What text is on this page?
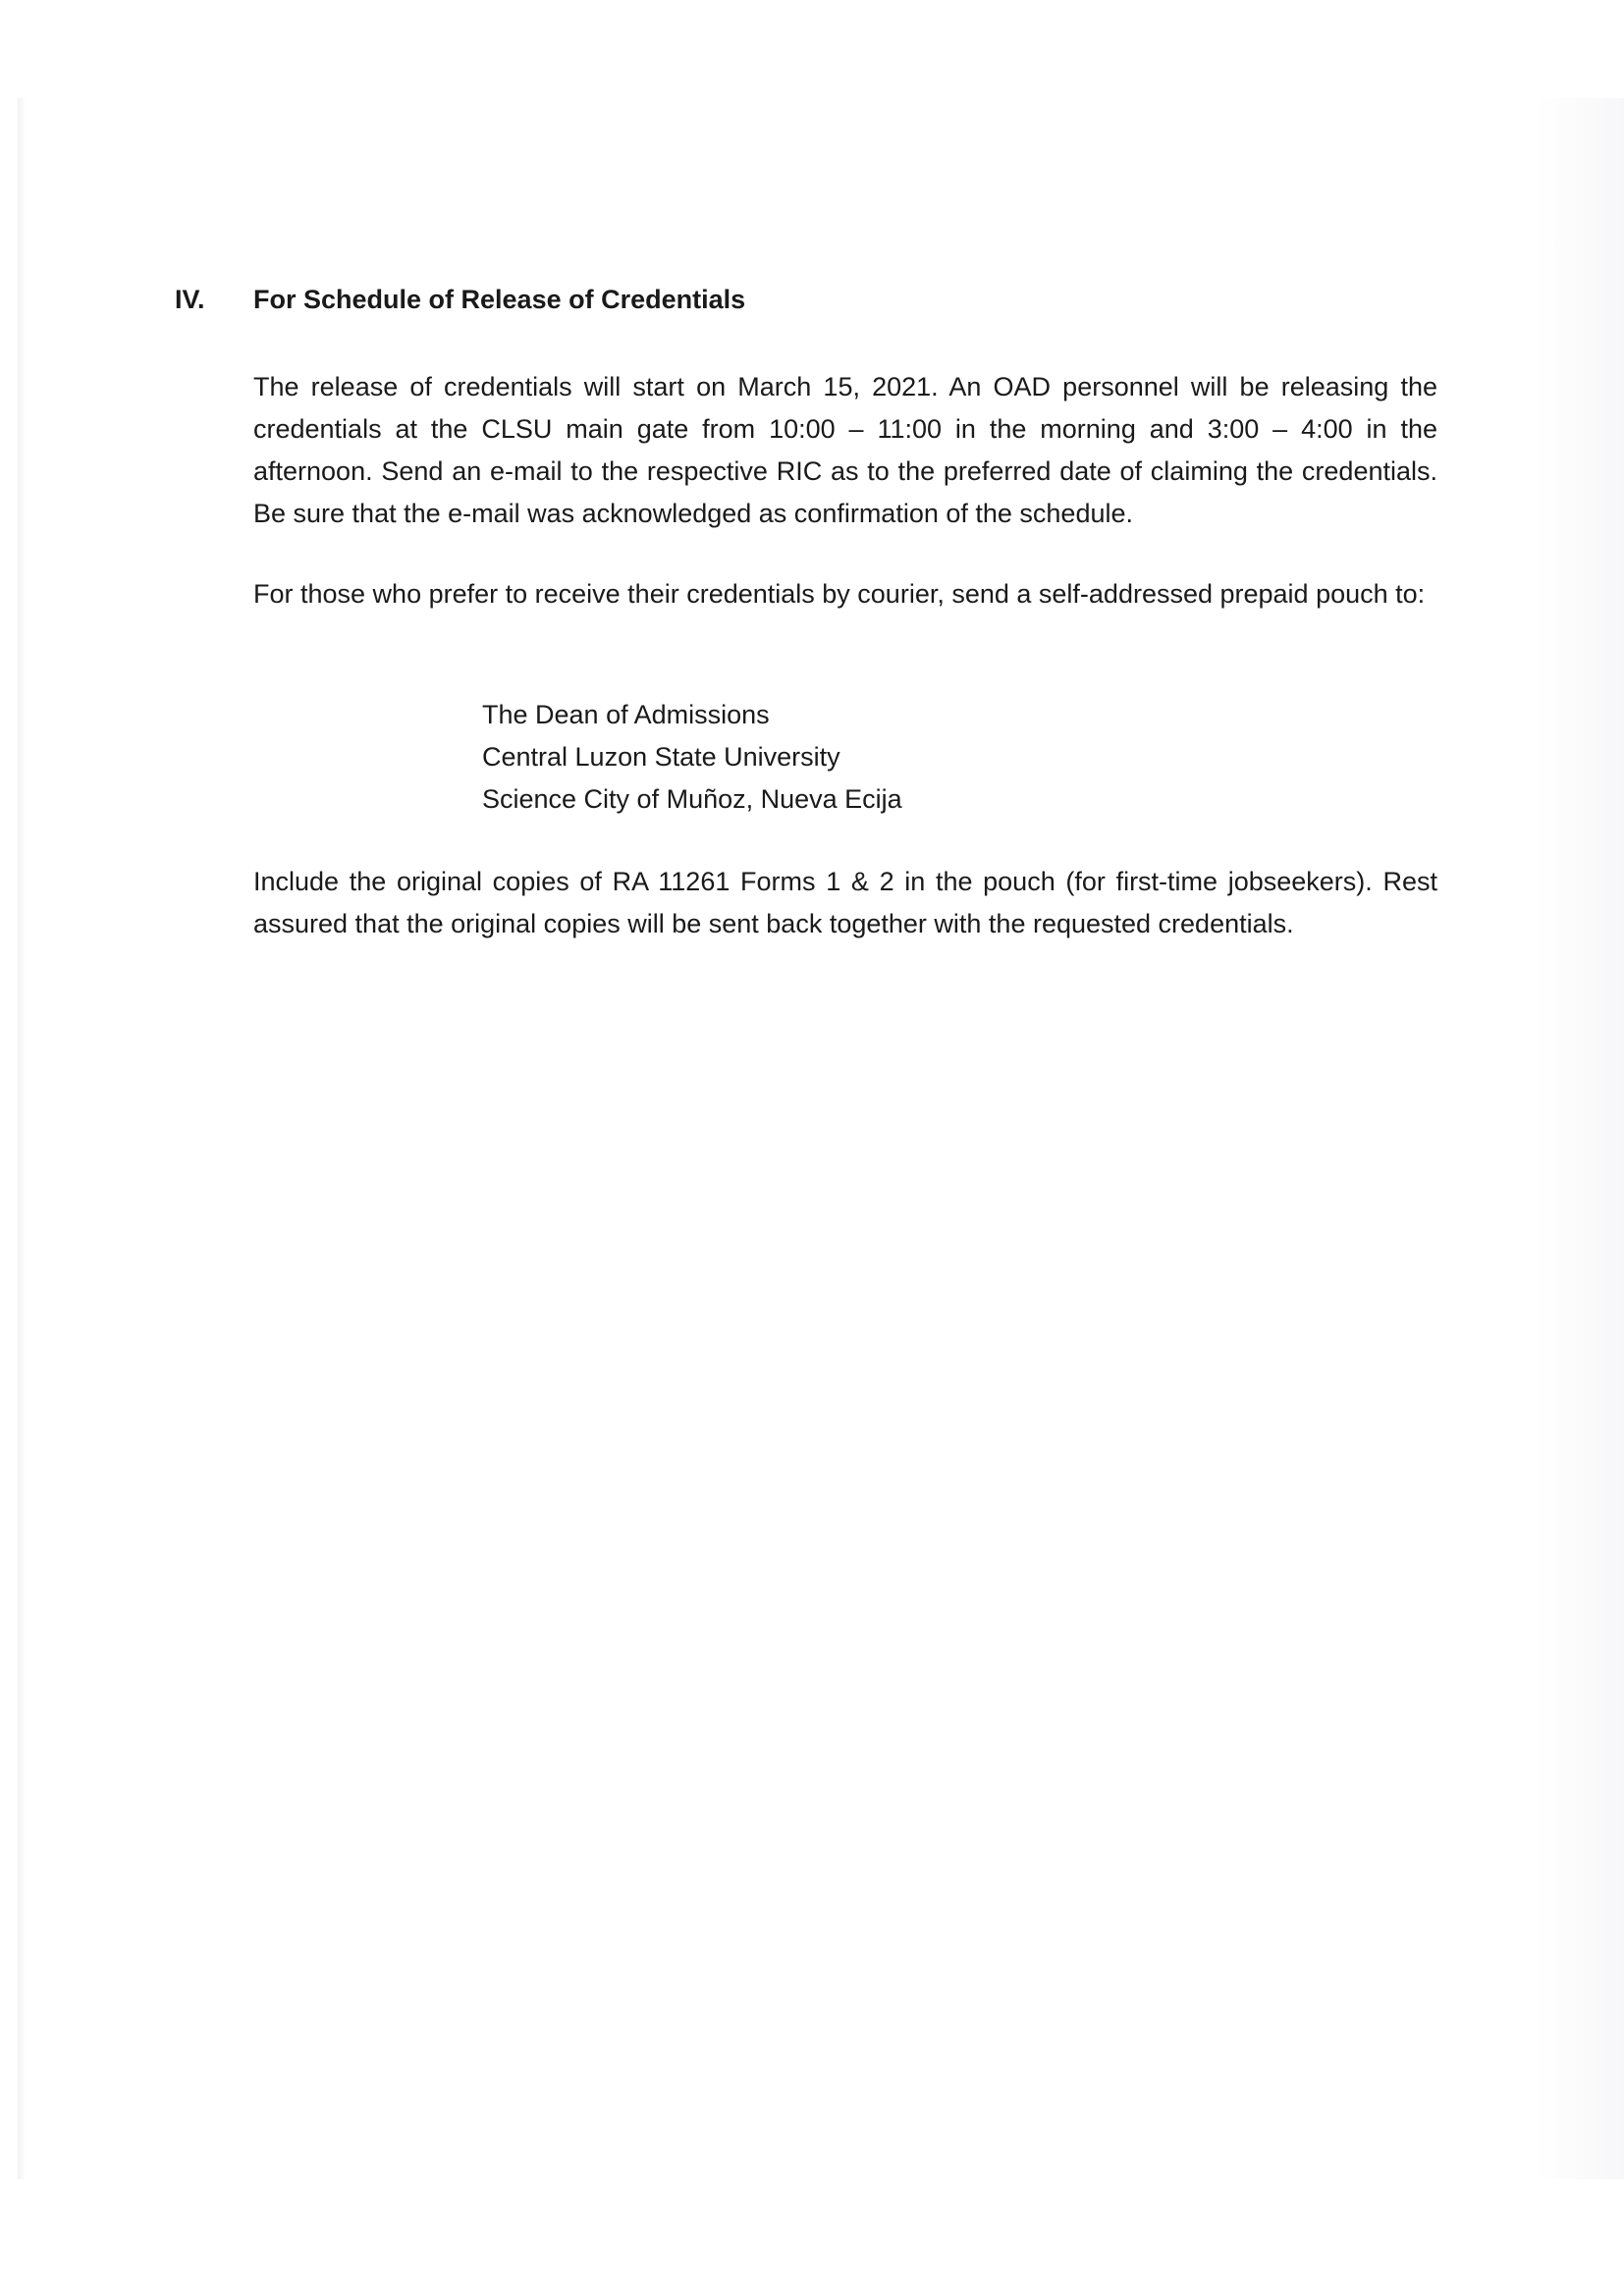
IV.	For Schedule of Release of Credentials

The release of credentials will start on March 15, 2021. An OAD personnel will be releasing the credentials at the CLSU main gate from 10:00 – 11:00 in the morning and 3:00 – 4:00 in the afternoon. Send an e-mail to the respective RIC as to the preferred date of claiming the credentials. Be sure that the e-mail was acknowledged as confirmation of the schedule.

For those who prefer to receive their credentials by courier, send a self-addressed prepaid pouch to:

The Dean of Admissions
Central Luzon State University
Science City of Muñoz, Nueva Ecija

Include the original copies of RA 11261 Forms 1 & 2 in the pouch (for first-time jobseekers). Rest assured that the original copies will be sent back together with the requested credentials.
